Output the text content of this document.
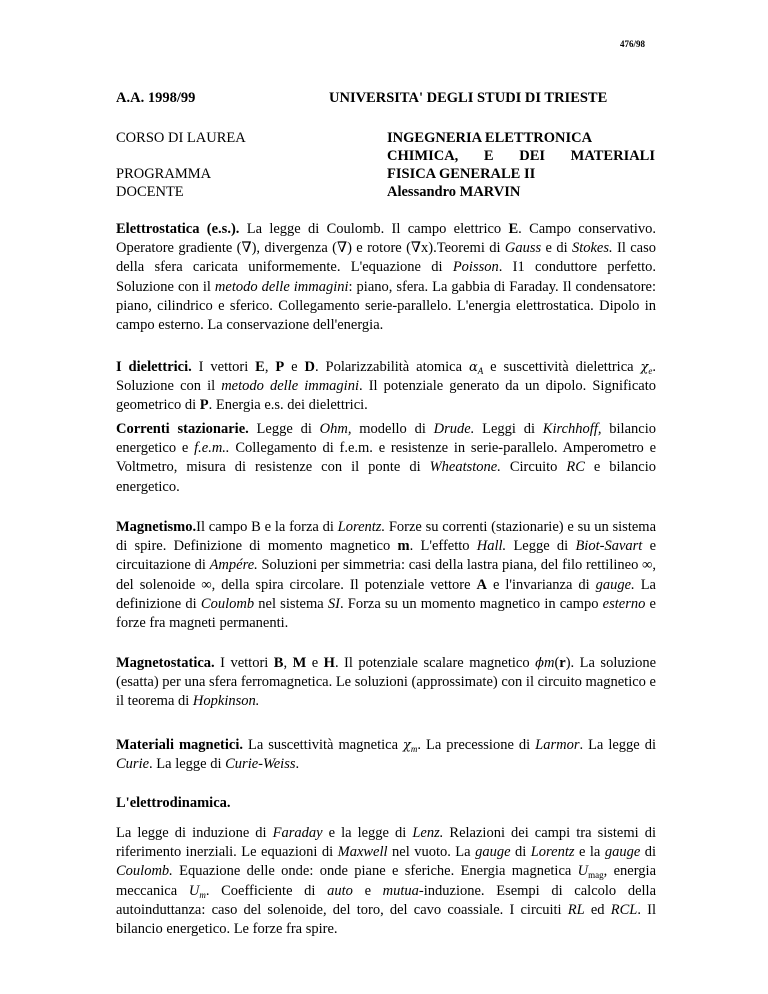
476/98
A.A. 1998/99	UNIVERSITA' DEGLI STUDI DI TRIESTE
CORSO DI LAUREA
PROGRAMMA
DOCENTE
INGEGNERIA ELETTRONICA
CHIMICA, E DEI MATERIALI
FISICA GENERALE II
Alessandro MARVIN

Elettrostatica (e.s.). La legge di Coulomb. Il campo elettrico E. Campo conservativo. Operatore gradiente (∇), divergenza (∇) e rotore (∇x).Teoremi di Gauss e di Stokes. Il caso della sfera caricata uniformemente. L'equazione di Poisson. I1 conduttore perfetto. Soluzione con il metodo delle immagini: piano, sfera. La gabbia di Faraday. Il condensatore: piano, cilindrico e sferico. Collegamento serie-parallelo. L'energia elettrostatica. Dipolo in campo esterno. La conservazione dell'energia.

I dielettrici. I vettori E, P e D. Polarizzabilità atomica $\alpha_A$ e suscettività dielettrica $\chi_e$. Soluzione con il metodo delle immagini. Il potenziale generato da un dipolo. Significato geometrico di P. Energia e.s. dei dielettrici.

Correnti stazionarie. Legge di Ohm, modello di Drude. Leggi di Kirchhoff, bilancio energetico e f.e.m.. Collegamento di f.e.m. e resistenze in serie-parallelo. Amperometro e Voltmetro, misura di resistenze con il ponte di Wheatstone. Circuito RC e bilancio energetico.

Magnetismo.Il campo B e la forza di Lorentz. Forze su correnti (stazionarie) e su un sistema di spire. Definizione di momento magnetico m. L'effetto Hall. Legge di Biot-Savart e circuitazione di Ampére. Soluzioni per simmetria: casi della lastra piana, del filo rettilineo ∞, del solenoide ∞, della spira circolare. Il potenziale vettore A e l'invarianza di gauge. La definizione di Coulomb nel sistema SI. Forza su un momento magnetico in campo esterno e forze fra magneti permanenti.

Magnetostatica. I vettori B, M e H. Il potenziale scalare magnetico ϕm(r). La soluzione (esatta) per una sfera ferromagnetica. Le soluzioni (approssimate) con il circuito magnetico e il teorema di Hopkinson.

Materiali magnetici. La suscettività magnetica $\chi_m$. La precessione di Larmor. La legge di Curie. La legge di Curie-Weiss.

L'elettrodinamica.

La legge di induzione di Faraday e la legge di Lenz. Relazioni dei campi tra sistemi di riferimento inerziali. Le equazioni di Maxwell nel vuoto. La gauge di Lorentz e la gauge di Coulomb. Equazione delle onde: onde piane e sferiche. Energia magnetica $U_{mag}$, energia meccanica $U_m$. Coefficiente di auto e mutua-induzione. Esempi di calcolo della autoinduttanza: caso del solenoide, del toro, del cavo coassiale. I circuiti RL ed RCL. Il bilancio energetico. Le forze fra spire.
